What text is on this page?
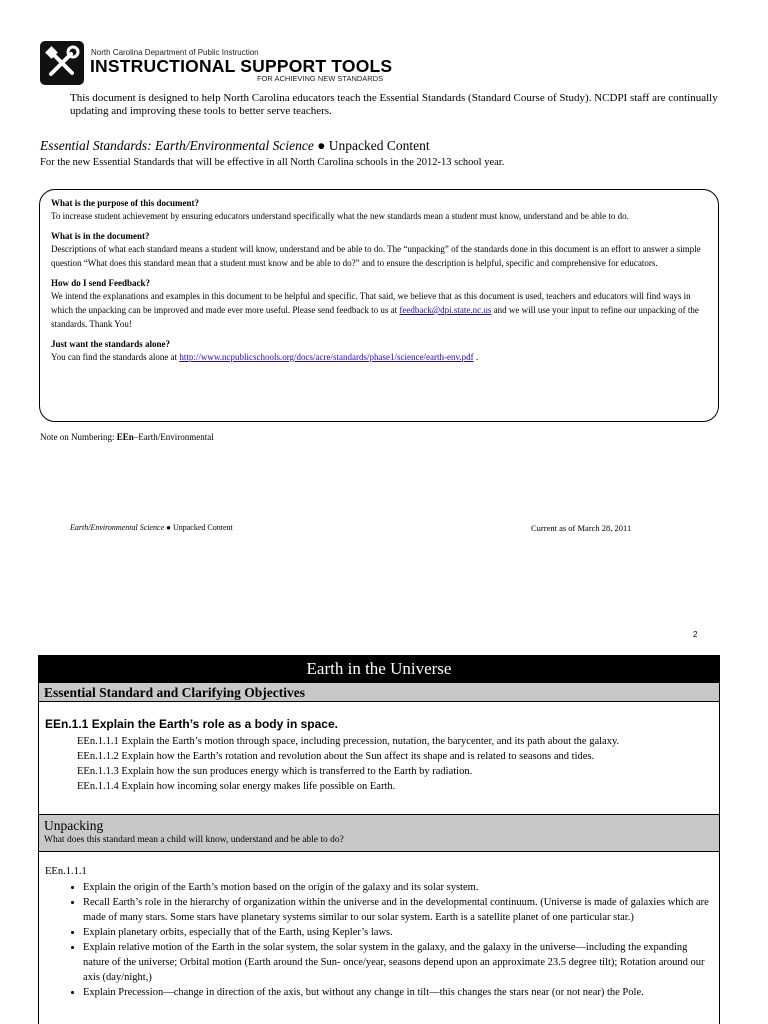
North Carolina Department of Public Instruction
INSTRUCTIONAL SUPPORT TOOLS
FOR ACHIEVING NEW STANDARDS
This document is designed to help North Carolina educators teach the Essential Standards (Standard Course of Study). NCDPI staff are continually updating and improving these tools to better serve teachers.
Essential Standards: Earth/Environmental Science ● Unpacked Content
For the new Essential Standards that will be effective in all North Carolina schools in the 2012-13 school year.
What is the purpose of this document?
To increase student achievement by ensuring educators understand specifically what the new standards mean a student must know, understand and be able to do.
What is in the document?
Descriptions of what each standard means a student will know, understand and be able to do. The “unpacking” of the standards done in this document is an effort to answer a simple question “What does this standard mean that a student must know and be able to do?” and to ensure the description is helpful, specific and comprehensive for educators.
How do I send Feedback?
We intend the explanations and examples in this document to be helpful and specific. That said, we believe that as this document is used, teachers and educators will find ways in which the unpacking can be improved and made ever more useful. Please send feedback to us at feedback@dpi.state.nc.us and we will use your input to refine our unpacking of the standards. Thank You!
Just want the standards alone?
You can find the standards alone at http://www.ncpublicschools.org/docs/acre/standards/phase1/science/earth-env.pdf .
Note on Numbering: EEn–Earth/Environmental
Earth/Environmental Science ● Unpacked Content	Current as of March 28, 2011
2
Earth in the Universe
Essential Standard and Clarifying Objectives
EEn.1.1 Explain the Earth’s role as a body in space.
EEn.1.1.1 Explain the Earth’s motion through space, including precession, nutation, the barycenter, and its path about the galaxy.
EEn.1.1.2 Explain how the Earth’s rotation and revolution about the Sun affect its shape and is related to seasons and tides.
EEn.1.1.3 Explain how the sun produces energy which is transferred to the Earth by radiation.
EEn.1.1.4 Explain how incoming solar energy makes life possible on Earth.
Unpacking
What does this standard mean a child will know, understand and be able to do?
EEn.1.1.1
• Explain the origin of the Earth’s motion based on the origin of the galaxy and its solar system.
• Recall Earth’s role in the hierarchy of organization within the universe and in the developmental continuum. (Universe is made of galaxies which are made of many stars. Some stars have planetary systems similar to our solar system. Earth is a satellite planet of one particular star.)
• Explain planetary orbits, especially that of the Earth, using Kepler’s laws.
• Explain relative motion of the Earth in the solar system, the solar system in the galaxy, and the galaxy in the universe—including the expanding nature of the universe; Orbital motion (Earth around the Sun- once/year, seasons depend upon an approximate 23.5 degree tilt); Rotation around our axis (day/night,)
• Explain Precession—change in direction of the axis, but without any change in tilt—this changes the stars near (or not near) the Pole.
